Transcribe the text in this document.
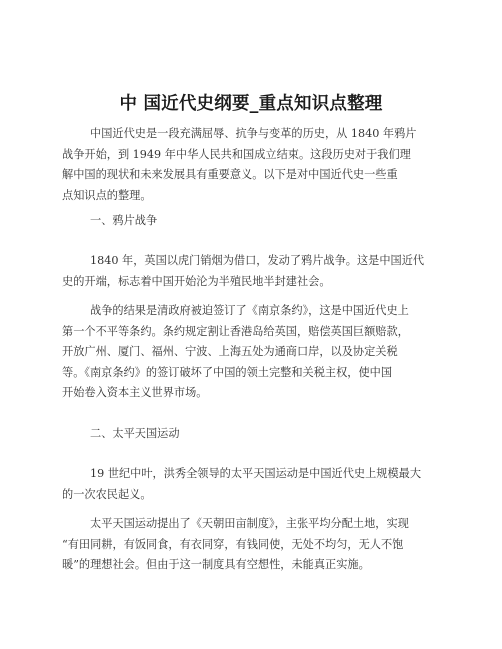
中 国近代史纲要_重点知识点整理

中国近代史是一段充满屈辱、抗争与变革的历史，从 1840 年鸦片
战争开始，到 1949 年中华人民共和国成立结束。这段历史对于我们理
解中国的现状和未来发展具有重要意义。以下是对中国近代史一些重
点知识点的整理。

一、鸦片战争

1840 年，英国以虎门销烟为借口，发动了鸦片战争。这是中国近代
史的开端，标志着中国开始沦为半殖民地半封建社会。

战争的结果是清政府被迫签订了《南京条约》，这是中国近代史上
第一个不平等条约。条约规定割让香港岛给英国，赔偿英国巨额赔款，
开放广州、厦门、福州、宁波、上海五处为通商口岸，以及协定关税
等。《南京条约》的签订破坏了中国的领土完整和关税主权，使中国
开始卷入资本主义世界市场。

二、太平天国运动

19 世纪中叶，洪秀全领导的太平天国运动是中国近代史上规模最大
的一次农民起义。

太平天国运动提出了《天朝田亩制度》，主张平均分配土地，实现
“有田同耕，有饭同食，有衣同穿，有钱同使，无处不均匀，无人不饱
暖”的理想社会。但由于这一制度具有空想性，未能真正实施。
